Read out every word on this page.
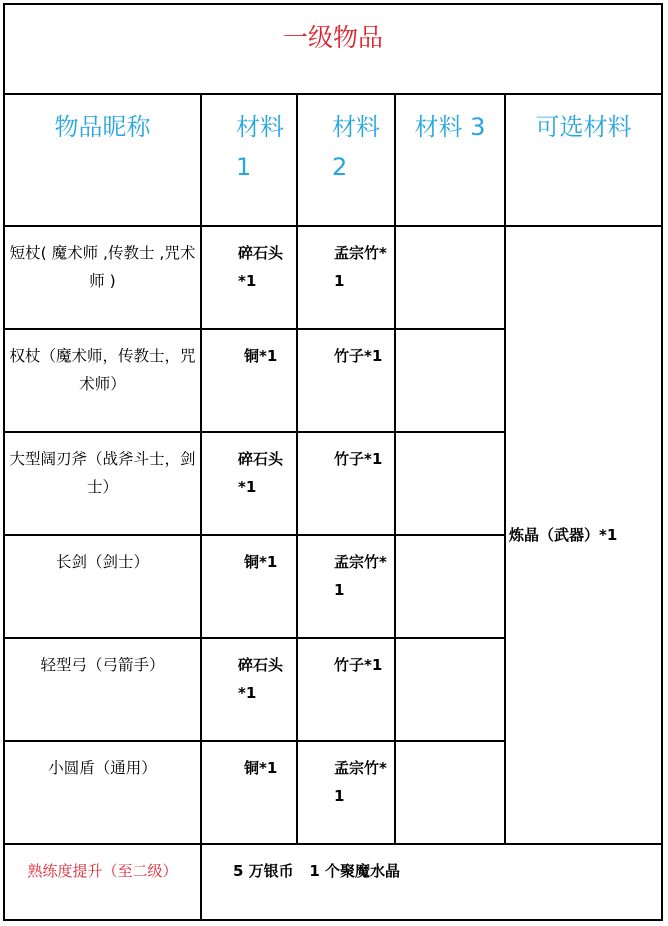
一级物品				

物品昵称	材料1	材料2	材料 3	可选材料

短杖( 魔术师 ,传教士 ,咒术师 )	碎石头*1	孟宗竹*1		炼晶（武器）*1

权杖（魔术师，传教士，咒术师）	铜*1	竹子*1		

大型阔刃斧（战斧斗士，剑士）	碎石头*1	竹子*1		

长剑（剑士）	铜*1	孟宗竹*1		

轻型弓（弓箭手）	碎石头*1	竹子*1		

小圆盾（通用）	铜*1	孟宗竹*1		

熟练度提升（至二级）	5 万银币   1 个聚魔水晶			
